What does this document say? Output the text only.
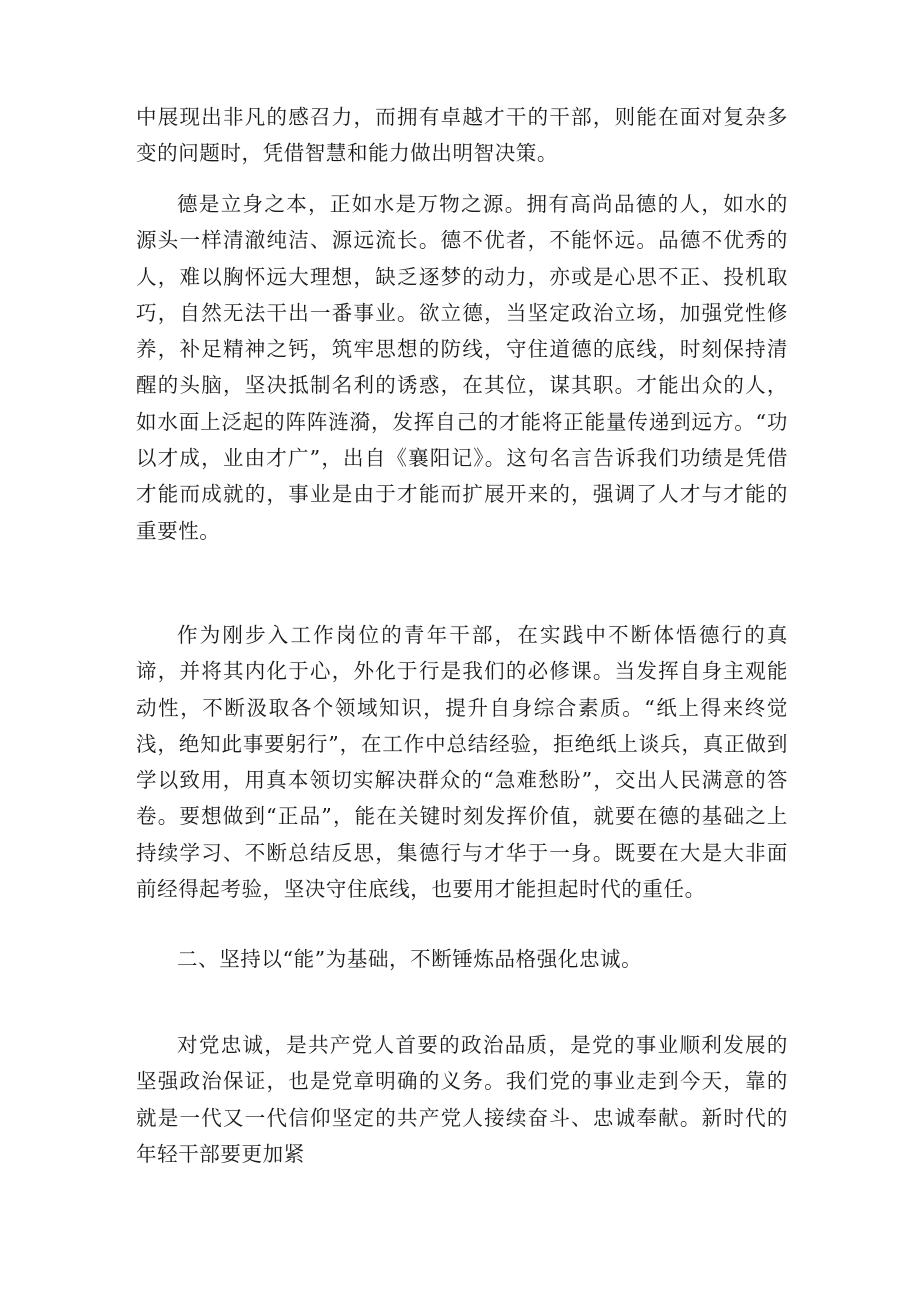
中展现出非凡的感召力，而拥有卓越才干的干部，则能在面对复杂多变的问题时，凭借智慧和能力做出明智决策。

德是立身之本，正如水是万物之源。拥有高尚品德的人，如水的源头一样清澈纯洁、源远流长。德不优者，不能怀远。品德不优秀的人，难以胸怀远大理想，缺乏逐梦的动力，亦或是心思不正、投机取巧，自然无法干出一番事业。欲立德，当坚定政治立场，加强党性修养，补足精神之钙，筑牢思想的防线，守住道德的底线，时刻保持清醒的头脑，坚决抵制名利的诱惑，在其位，谋其职。才能出众的人，如水面上泛起的阵阵涟漪，发挥自己的才能将正能量传递到远方。“功以才成，业由才广”，出自《襄阳记》。这句名言告诉我们功绩是凭借才能而成就的，事业是由于才能而扩展开来的，强调了人才与才能的重要性。

作为刚步入工作岗位的青年干部，在实践中不断体悟德行的真谛，并将其内化于心，外化于行是我们的必修课。当发挥自身主观能动性，不断汲取各个领域知识，提升自身综合素质。“纸上得来终觉浅，绝知此事要躬行”，在工作中总结经验，拒绝纸上谈兵，真正做到学以致用，用真本领切实解决群众的“急难愁盼”，交出人民满意的答卷。要想做到“正品”，能在关键时刻发挥价值，就要在德的基础之上持续学习、不断总结反思，集德行与才华于一身。既要在大是大非面前经得起考验，坚决守住底线，也要用才能担起时代的重任。

二、坚持以“能”为基础，不断锤炼品格强化忠诚。

对党忠诚，是共产党人首要的政治品质，是党的事业顺利发展的坚强政治保证，也是党章明确的义务。我们党的事业走到今天，靠的就是一代又一代信仰坚定的共产党人接续奋斗、忠诚奉献。新时代的年轻干部要更加紧
